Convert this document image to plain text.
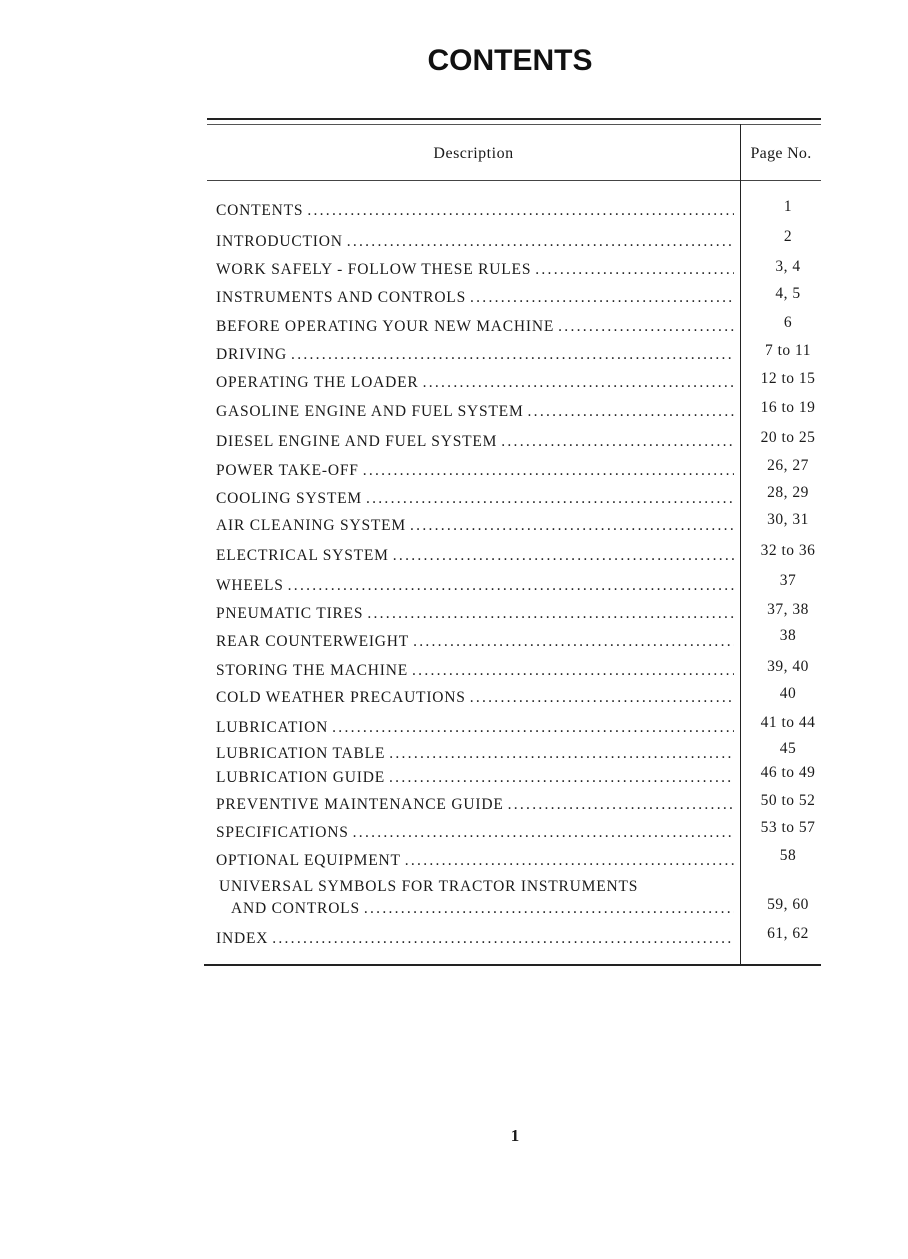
CONTENTS
Description	Page No.
CONTENTS . . .	1
INTRODUCTION . . .	2
WORK SAFELY - FOLLOW THESE RULES . . .	3, 4
INSTRUMENTS AND CONTROLS . . .	4, 5
BEFORE OPERATING YOUR NEW MACHINE . . .	6
DRIVING . . .	7 to 11
OPERATING THE LOADER . . .	12 to 15
GASOLINE ENGINE AND FUEL SYSTEM . . .	16 to 19
DIESEL ENGINE AND FUEL SYSTEM . . .	20 to 25
POWER TAKE-OFF . . .	26, 27
COOLING SYSTEM . . .	28, 29
AIR CLEANING SYSTEM . . .	30, 31
ELECTRICAL SYSTEM . . .	32 to 36
WHEELS . . .	37
PNEUMATIC TIRES . . .	37, 38
REAR COUNTERWEIGHT . . .	38
STORING THE MACHINE . . .	39, 40
COLD WEATHER PRECAUTIONS . . .	40
LUBRICATION . . .	41 to 44
LUBRICATION TABLE . . .	45
LUBRICATION GUIDE . . .	46 to 49
PREVENTIVE MAINTENANCE GUIDE . . .	50 to 52
SPECIFICATIONS . . .	53 to 57
OPTIONAL EQUIPMENT . . .	58
UNIVERSAL SYMBOLS FOR TRACTOR INSTRUMENTS
AND CONTROLS . . .	59, 60
INDEX . . .	61, 62
1
